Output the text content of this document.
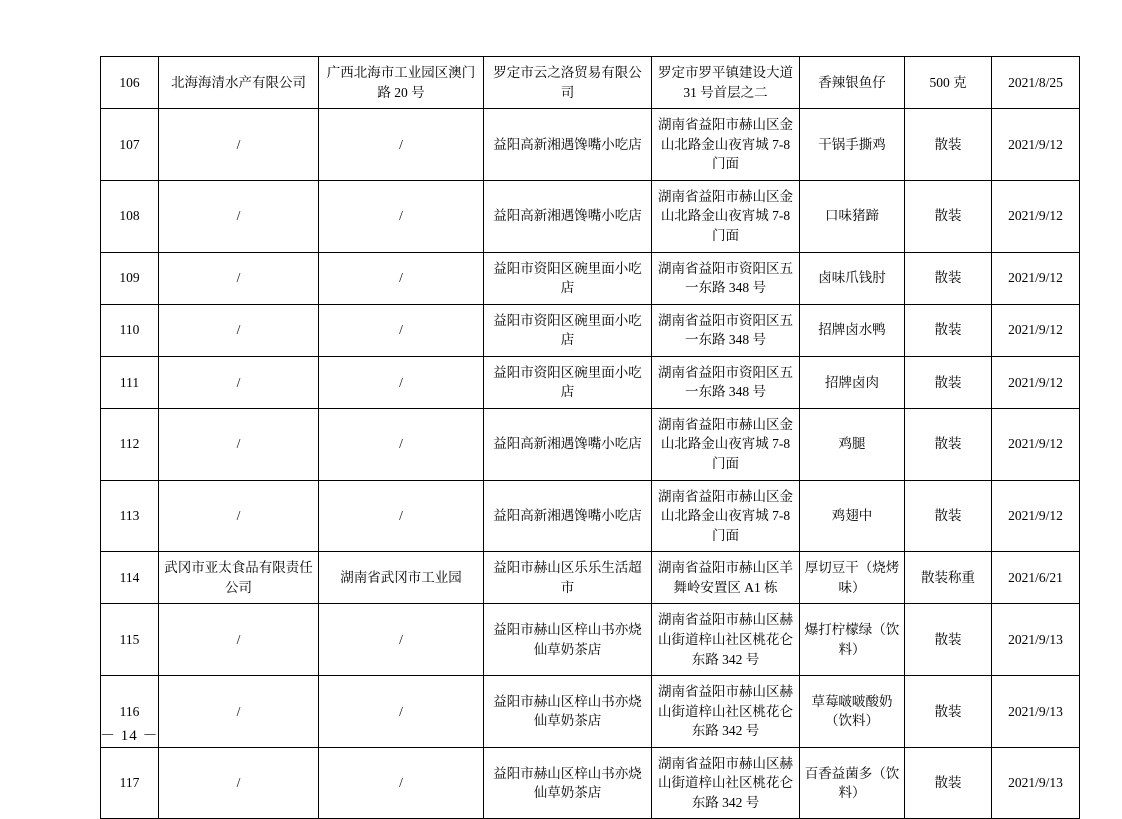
106	北海海清水产有限公司	广西北海市工业园区澳门路 20 号	罗定市云之洛贸易有限公司	罗定市罗平镇建设大道 31 号首层之二	香辣银鱼仔	500 克	2021/8/25
107	/	/	益阳高新湘遇馋嘴小吃店	湖南省益阳市赫山区金山北路金山夜宵城 7-8 门面	干锅手撕鸡	散装	2021/9/12
108	/	/	益阳高新湘遇馋嘴小吃店	湖南省益阳市赫山区金山北路金山夜宵城 7-8 门面	口味猪蹄	散装	2021/9/12
109	/	/	益阳市资阳区碗里面小吃店	湖南省益阳市资阳区五一东路 348 号	卤味爪钱肘	散装	2021/9/12
110	/	/	益阳市资阳区碗里面小吃店	湖南省益阳市资阳区五一东路 348 号	招牌卤水鸭	散装	2021/9/12
111	/	/	益阳市资阳区碗里面小吃店	湖南省益阳市资阳区五一东路 348 号	招牌卤肉	散装	2021/9/12
112	/	/	益阳高新湘遇馋嘴小吃店	湖南省益阳市赫山区金山北路金山夜宵城 7-8 门面	鸡腿	散装	2021/9/12
113	/	/	益阳高新湘遇馋嘴小吃店	湖南省益阳市赫山区金山北路金山夜宵城 7-8 门面	鸡翅中	散装	2021/9/12
114	武冈市亚太食品有限责任公司	湖南省武冈市工业园	益阳市赫山区乐乐生活超市	湖南省益阳市赫山区羊舞岭安置区 A1 栋	厚切豆干（烧烤味）	散装称重	2021/6/21
115	/	/	益阳市赫山区梓山书亦烧仙草奶茶店	湖南省益阳市赫山区赫山街道梓山社区桃花仑东路 342 号	爆打柠檬绿（饮料）	散装	2021/9/13
116	/	/	益阳市赫山区梓山书亦烧仙草奶茶店	湖南省益阳市赫山区赫山街道梓山社区桃花仑东路 342 号	草莓啵啵酸奶（饮料）	散装	2021/9/13
117	/	/	益阳市赫山区梓山书亦烧仙草奶茶店	湖南省益阳市赫山区赫山街道梓山社区桃花仑东路 342 号	百香益菌多（饮料）	散装	2021/9/13
－ 14 －
